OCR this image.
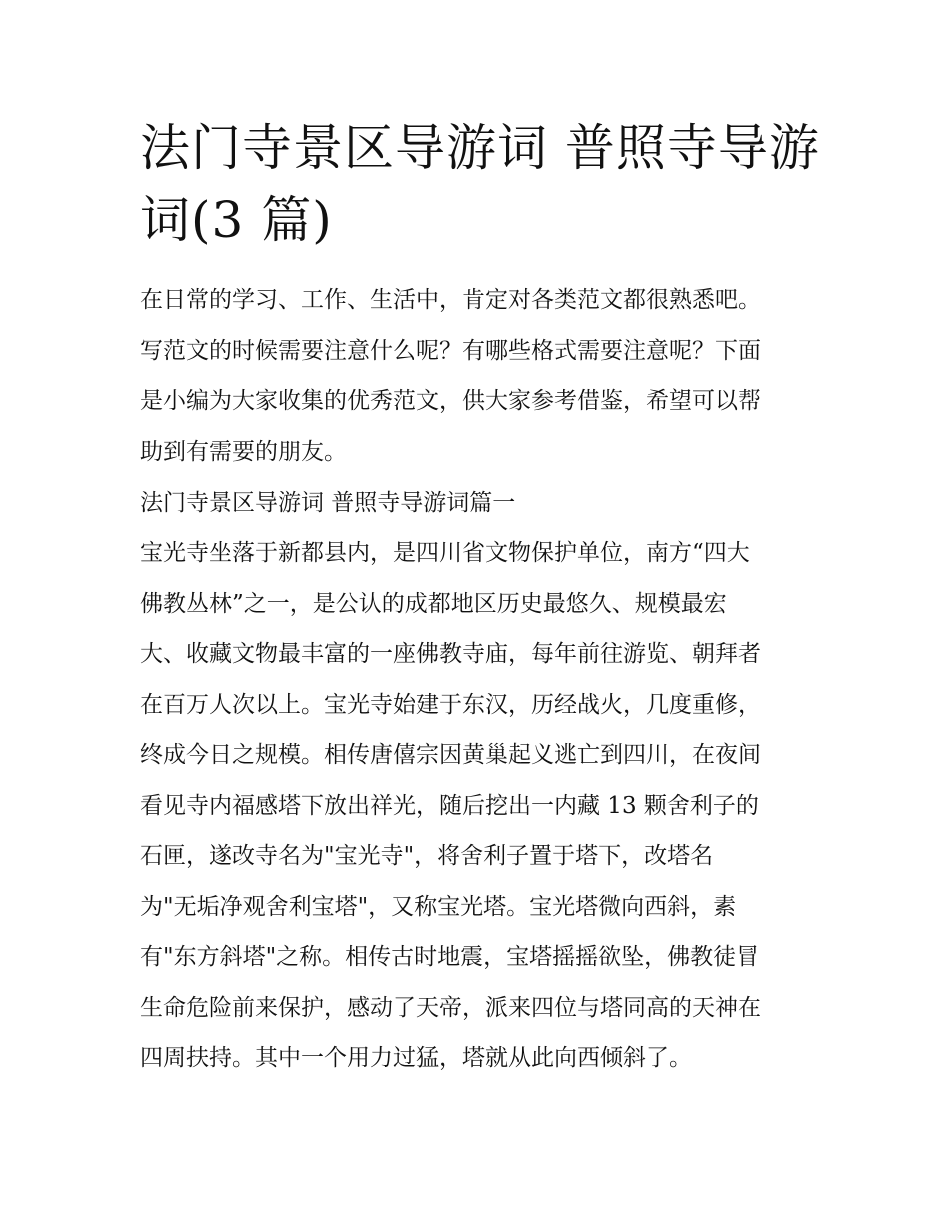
法门寺景区导游词 普照寺导游
词(3 篇)

在日常的学习、工作、生活中，肯定对各类范文都很熟悉吧。
写范文的时候需要注意什么呢？有哪些格式需要注意呢？下面
是小编为大家收集的优秀范文，供大家参考借鉴，希望可以帮
助到有需要的朋友。

法门寺景区导游词 普照寺导游词篇一

宝光寺坐落于新都县内，是四川省文物保护单位，南方“四大
佛教丛林”之一，是公认的成都地区历史最悠久、规模最宏
大、收藏文物最丰富的一座佛教寺庙，每年前往游览、朝拜者
在百万人次以上。宝光寺始建于东汉，历经战火，几度重修，
终成今日之规模。相传唐僖宗因黄巢起义逃亡到四川，在夜间
看见寺内福感塔下放出祥光，随后挖出一内藏 13 颗舍利子的
石匣，遂改寺名为"宝光寺"，将舍利子置于塔下，改塔名
为"无垢净观舍利宝塔"，又称宝光塔。宝光塔微向西斜，素
有"东方斜塔"之称。相传古时地震，宝塔摇摇欲坠，佛教徒冒
生命危险前来保护，感动了天帝，派来四位与塔同高的天神在
四周扶持。其中一个用力过猛，塔就从此向西倾斜了。
